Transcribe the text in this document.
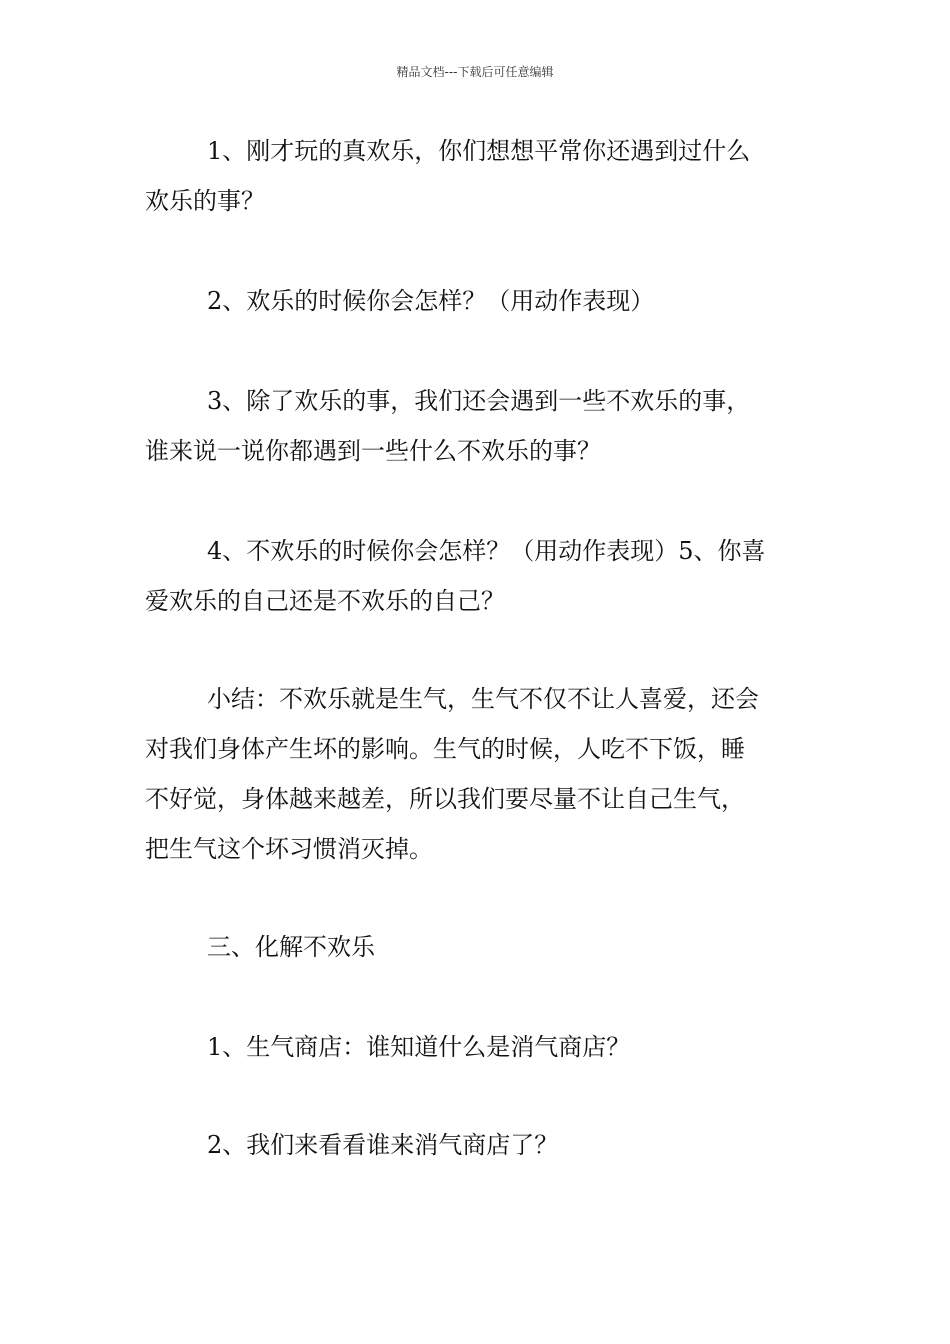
精品文档---下载后可任意编辑

1、刚才玩的真欢乐，你们想想平常你还遇到过什么
欢乐的事？

2、欢乐的时候你会怎样？（用动作表现）

3、除了欢乐的事，我们还会遇到一些不欢乐的事，
谁来说一说你都遇到一些什么不欢乐的事？

4、不欢乐的时候你会怎样？（用动作表现）5、你喜
爱欢乐的自己还是不欢乐的自己？

小结：不欢乐就是生气，生气不仅不让人喜爱，还会
对我们身体产生坏的影响。生气的时候，人吃不下饭，睡
不好觉，身体越来越差，所以我们要尽量不让自己生气，
把生气这个坏习惯消灭掉。

三、化解不欢乐

1、生气商店：谁知道什么是消气商店？

2、我们来看看谁来消气商店了？
